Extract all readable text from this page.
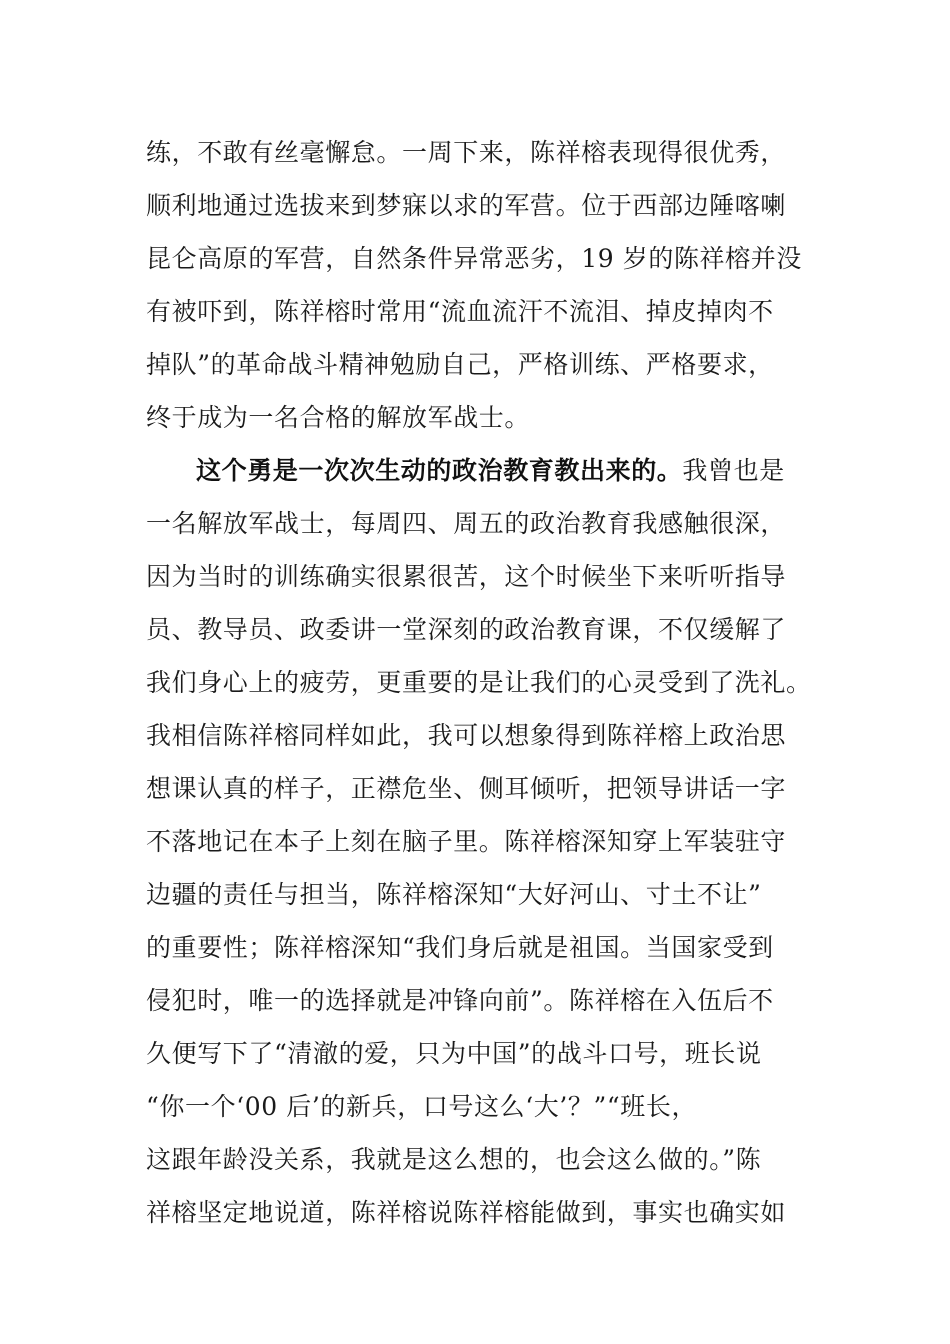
练，不敢有丝毫懈怠。一周下来，陈祥榕表现得很优秀，
顺利地通过选拔来到梦寐以求的军营。位于西部边陲喀喇
昆仑高原的军营，自然条件异常恶劣，19 岁的陈祥榕并没
有被吓到，陈祥榕时常用“流血流汗不流泪、掉皮掉肉不
掉队”的革命战斗精神勉励自己，严格训练、严格要求，
终于成为一名合格的解放军战士。
这个勇是一次次生动的政治教育教出来的。我曾也是
一名解放军战士，每周四、周五的政治教育我感触很深，
因为当时的训练确实很累很苦，这个时候坐下来听听指导
员、教导员、政委讲一堂深刻的政治教育课，不仅缓解了
我们身心上的疲劳，更重要的是让我们的心灵受到了洗礼。
我相信陈祥榕同样如此，我可以想象得到陈祥榕上政治思
想课认真的样子，正襟危坐、侧耳倾听，把领导讲话一字
不落地记在本子上刻在脑子里。陈祥榕深知穿上军装驻守
边疆的责任与担当，陈祥榕深知“大好河山、寸土不让”
的重要性；陈祥榕深知“我们身后就是祖国。当国家受到
侵犯时，唯一的选择就是冲锋向前”。陈祥榕在入伍后不
久便写下了“清澈的爱，只为中国”的战斗口号，班长说
“你一个‘00 后’的新兵，口号这么‘大’？”“班长，
这跟年龄没关系，我就是这么想的，也会这么做的。”陈
祥榕坚定地说道，陈祥榕说陈祥榕能做到，事实也确实如
